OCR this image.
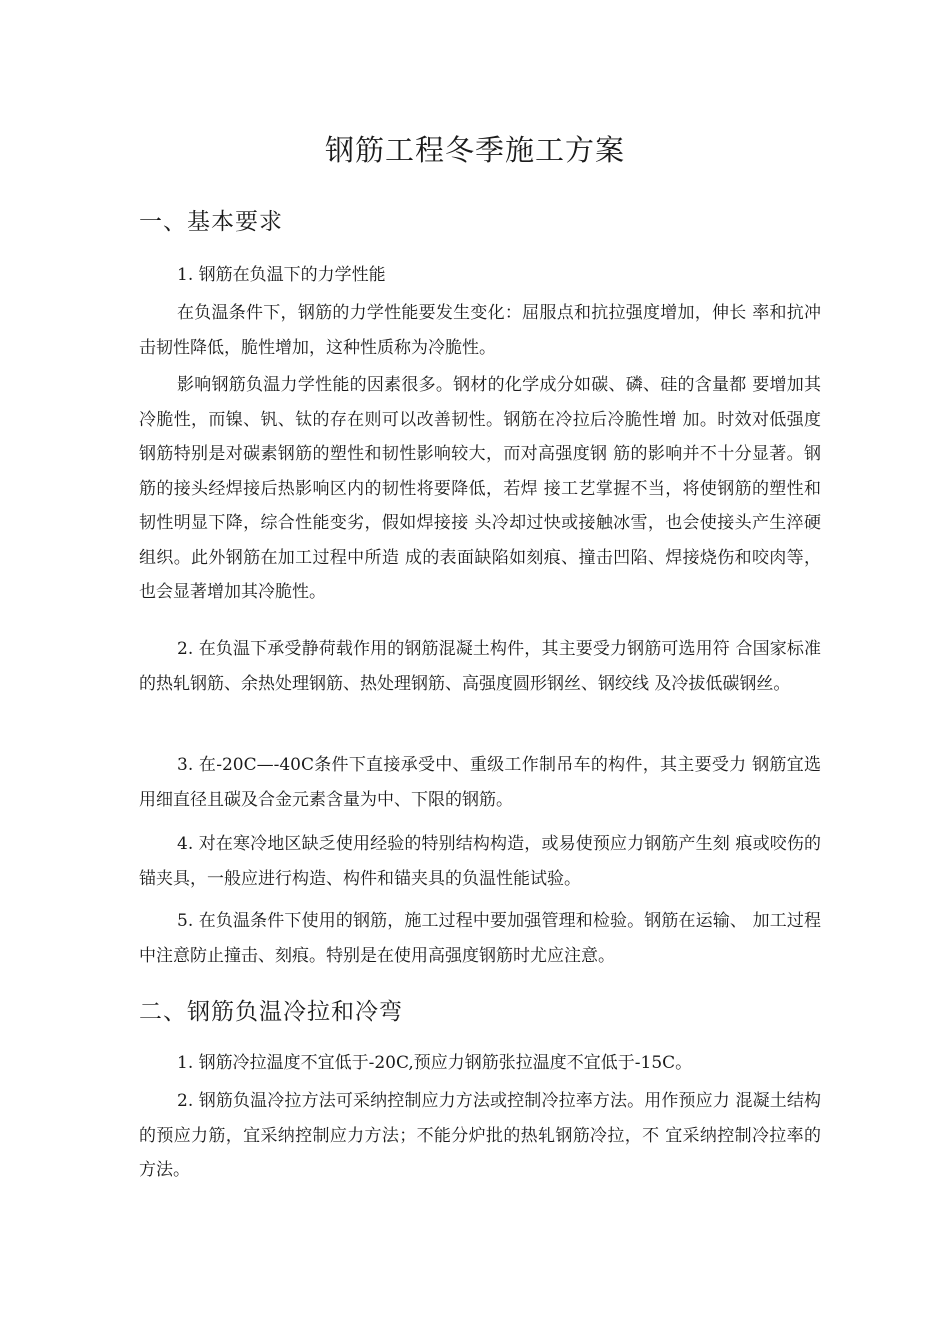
钢筋工程冬季施工方案
一、基本要求

1. 钢筋在负温下的力学性能

在负温条件下，钢筋的力学性能要发生变化：屈服点和抗拉强度增加，伸长 率和抗冲击韧性降低，脆性增加，这种性质称为冷脆性。

影响钢筋负温力学性能的因素很多。钢材的化学成分如碳、磷、硅的含量都 要增加其冷脆性，而镍、钒、钛的存在则可以改善韧性。钢筋在冷拉后冷脆性增 加。时效对低强度钢筋特别是对碳素钢筋的塑性和韧性影响较大，而对高强度钢 筋的影响并不十分显著。钢筋的接头经焊接后热影响区内的韧性将要降低，若焊 接工艺掌握不当，将使钢筋的塑性和韧性明显下降，综合性能变劣，假如焊接接 头冷却过快或接触冰雪，也会使接头产生淬硬组织。此外钢筋在加工过程中所造 成的表面缺陷如刻痕、撞击凹陷、焊接烧伤和咬肉等，也会显著增加其冷脆性。

2. 在负温下承受静荷载作用的钢筋混凝土构件，其主要受力钢筋可选用符 合国家标准的热轧钢筋、余热处理钢筋、热处理钢筋、高强度圆形钢丝、钢绞线 及冷拔低碳钢丝。

3. 在-20C—-40C条件下直接承受中、重级工作制吊车的构件，其主要受力 钢筋宜选用细直径且碳及合金元素含量为中、下限的钢筋。

4. 对在寒冷地区缺乏使用经验的特别结构构造，或易使预应力钢筋产生刻 痕或咬伤的锚夹具，一般应进行构造、构件和锚夹具的负温性能试验。

5. 在负温条件下使用的钢筋，施工过程中要加强管理和检验。钢筋在运输、 加工过程中注意防止撞击、刻痕。特别是在使用高强度钢筋时尤应注意。

二、钢筋负温冷拉和冷弯

1. 钢筋冷拉温度不宜低于-20C,预应力钢筋张拉温度不宜低于-15C。

2. 钢筋负温冷拉方法可采纳控制应力方法或控制冷拉率方法。用作预应力 混凝土结构的预应力筋，宜采纳控制应力方法；不能分炉批的热轧钢筋冷拉，不 宜采纳控制冷拉率的方法。
